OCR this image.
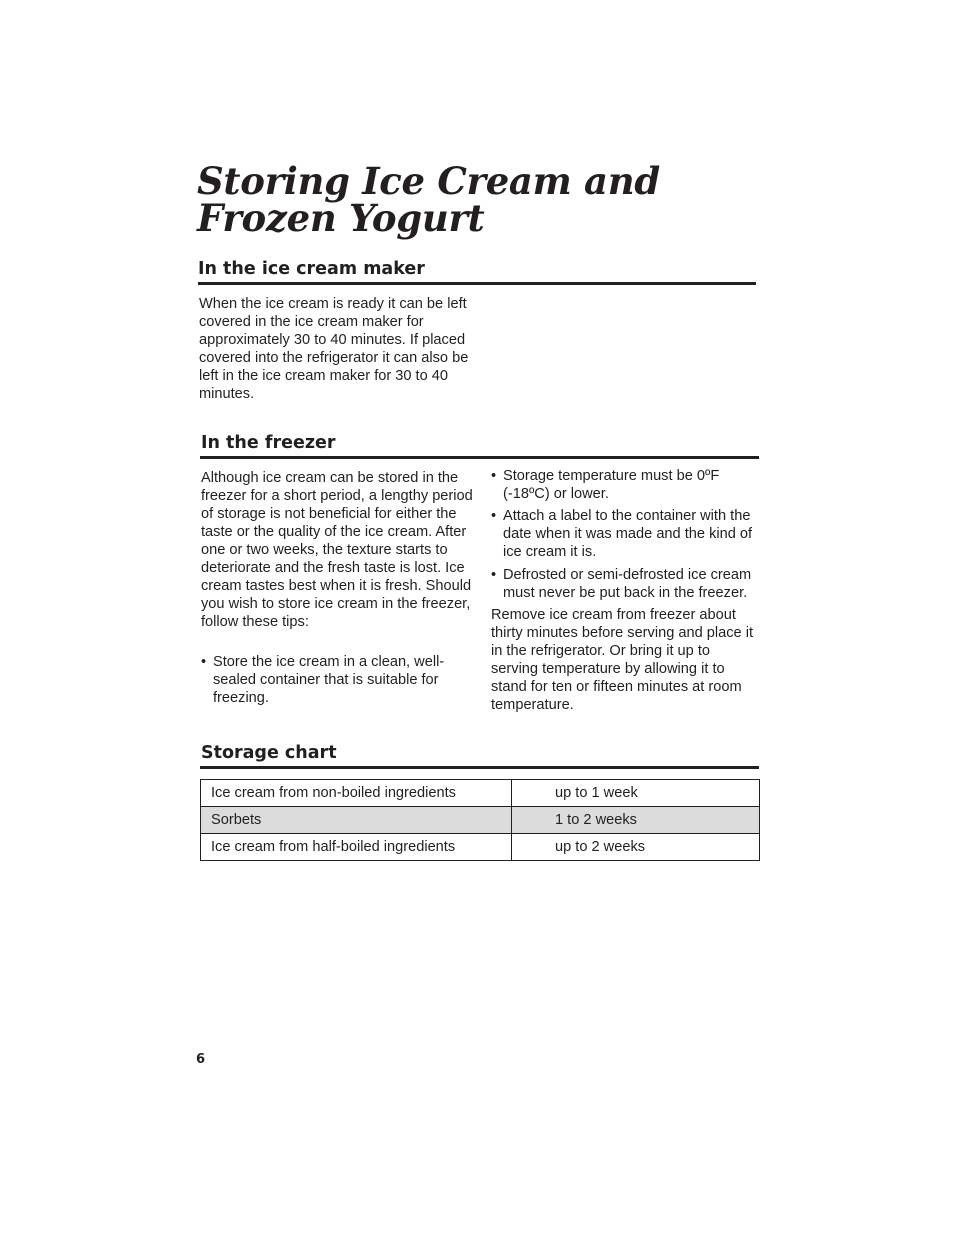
Storing Ice Cream and
Frozen Yogurt
In the ice cream maker

When the ice cream is ready it can be left covered in the ice cream maker for approximately 30 to 40 minutes. If placed covered into the refrigerator it can also be left in the ice cream maker for 30 to 40 minutes.

In the freezer

Although ice cream can be stored in the freezer for a short period, a lengthy period of storage is not beneficial for either the taste or the quality of the ice cream. After one or two weeks, the texture starts to deteriorate and the fresh taste is lost. Ice cream tastes best when it is fresh. Should you wish to store ice cream in the freezer, follow these tips:

• Store the ice cream in a clean, well-sealed container that is suitable for freezing.
• Storage temperature must be 0ºF (-18ºC) or lower.
• Attach a label to the container with the date when it was made and the kind of ice cream it is.
• Defrosted or semi-defrosted ice cream must never be put back in the freezer.

Remove ice cream from freezer about thirty minutes before serving and place it in the refrigerator. Or bring it up to serving temperature by allowing it to stand for ten or fifteen minutes at room temperature.

Storage chart
Ice cream from non-boiled ingredients	up to 1 week
Sorbets	1 to 2 weeks
Ice cream from half-boiled ingredients	up to 2 weeks
6
